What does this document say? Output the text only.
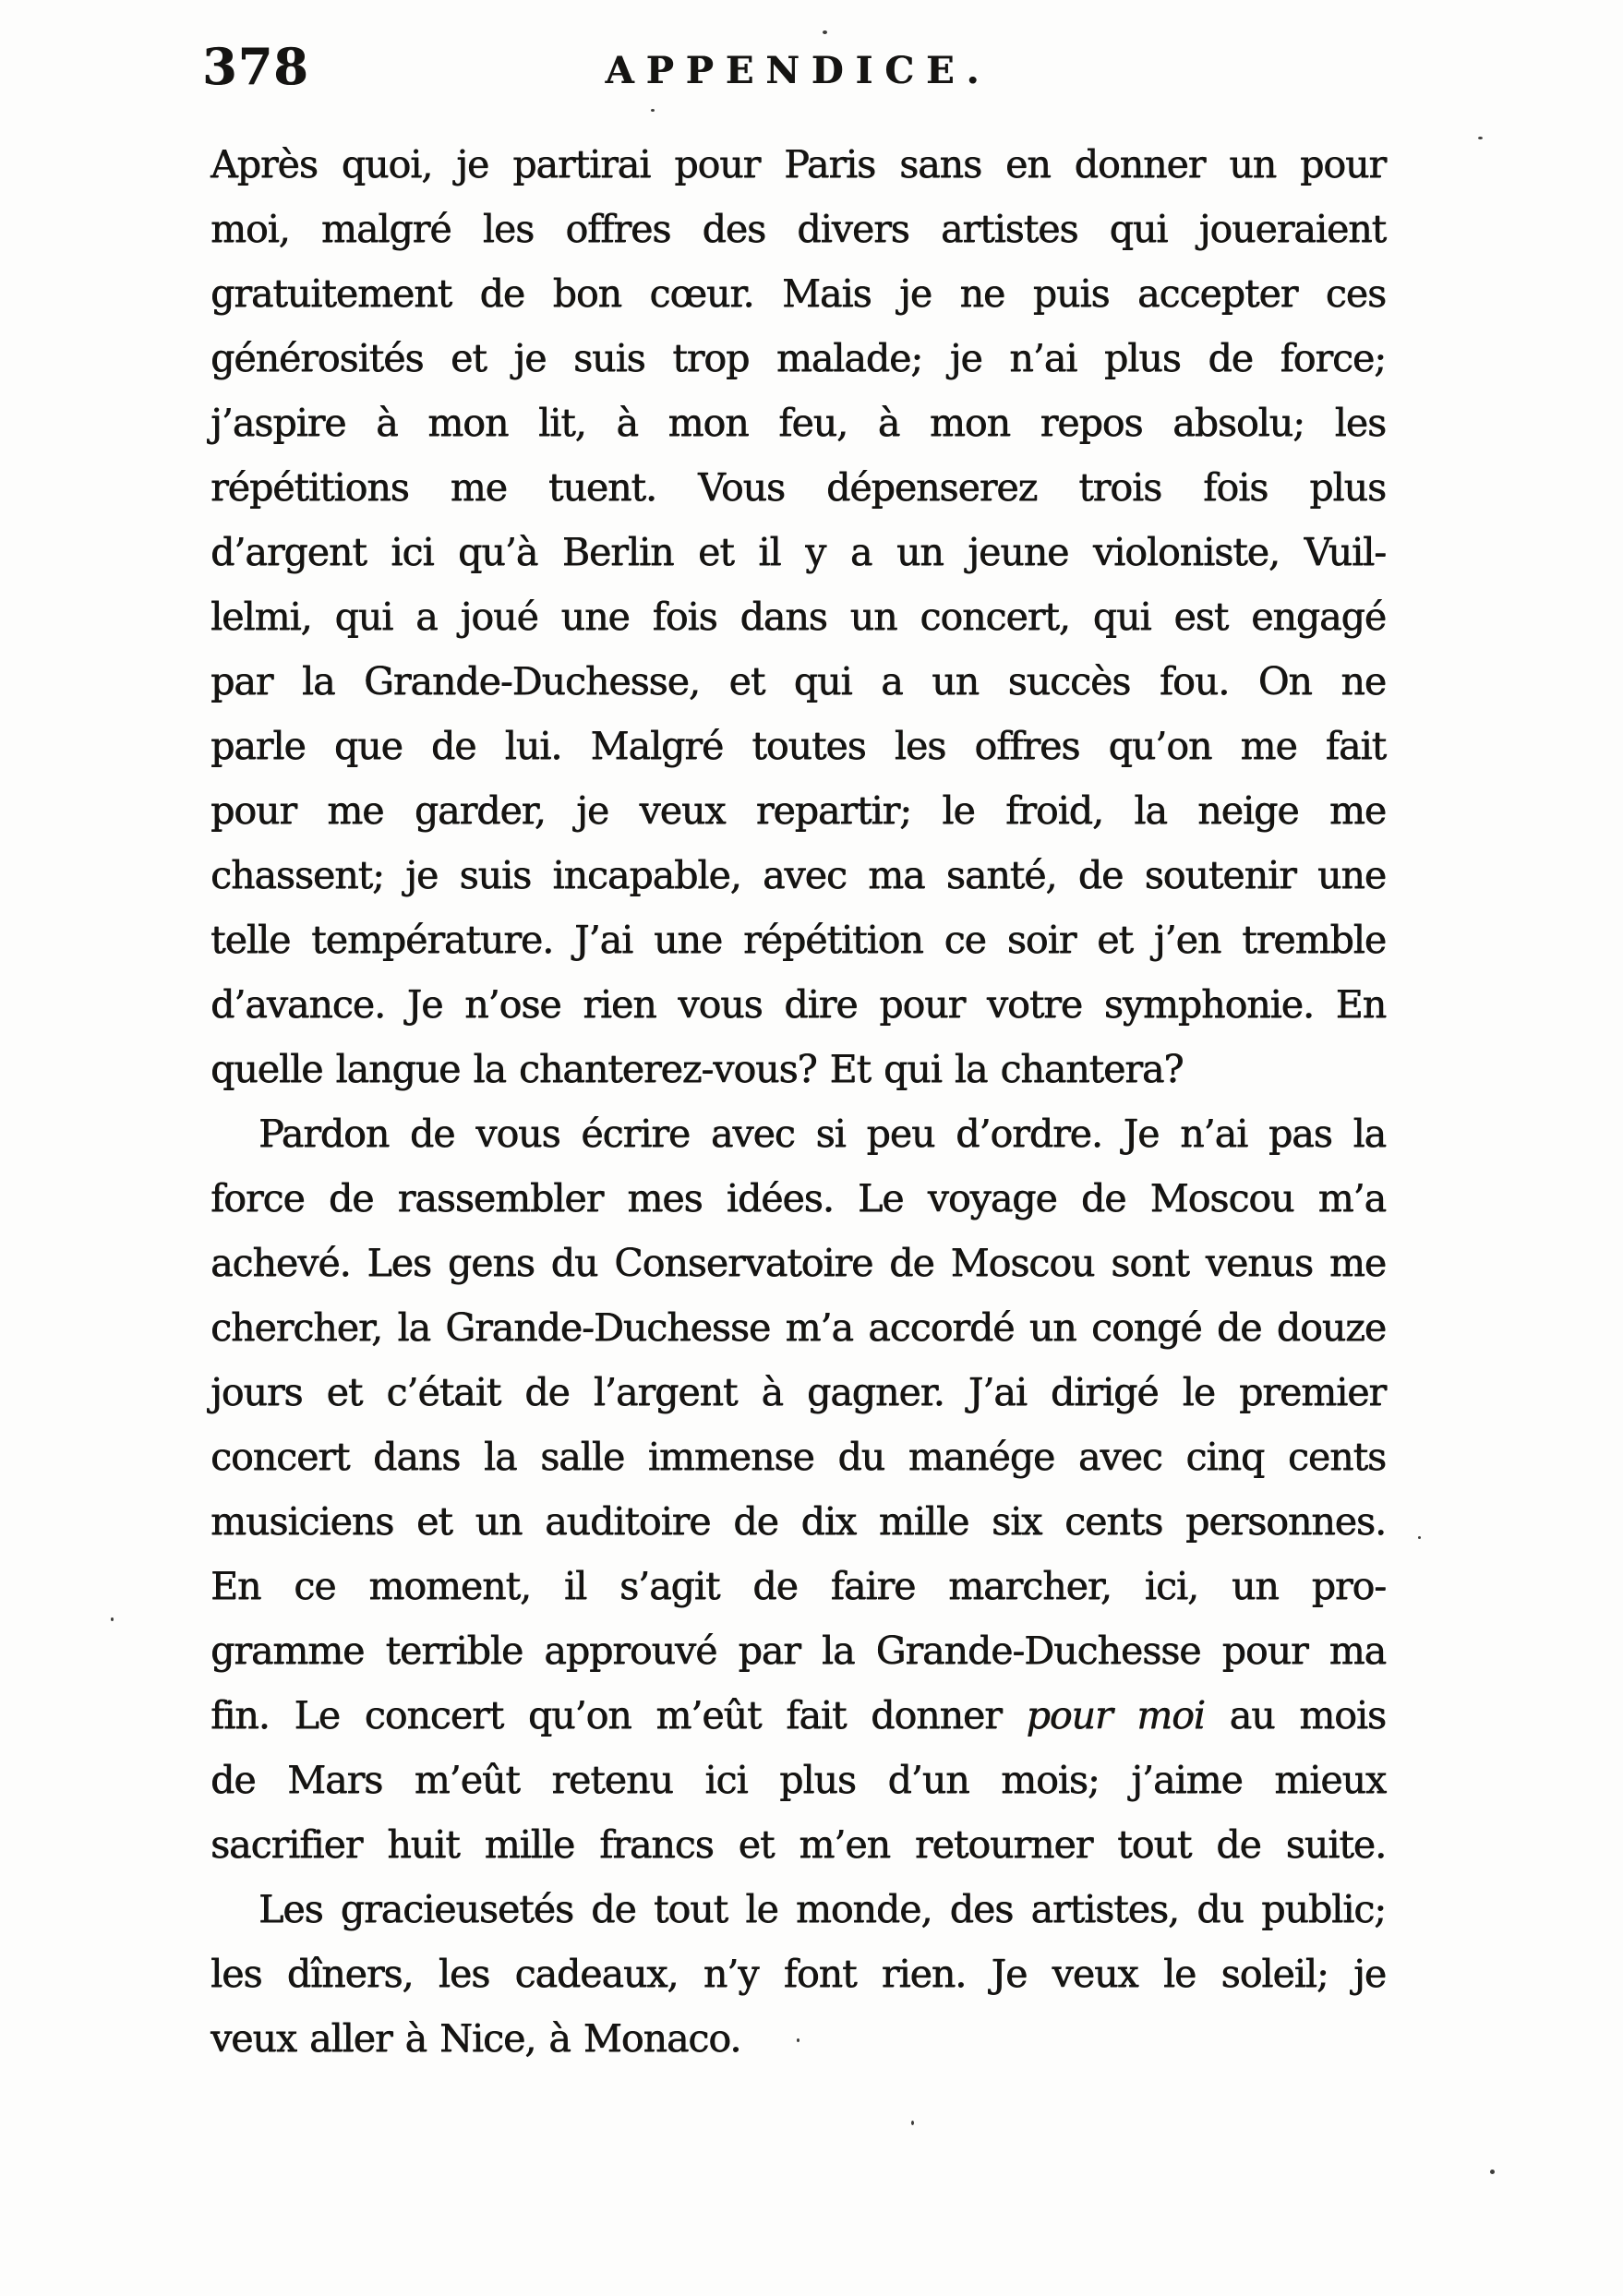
378	APPENDICE.
Après quoi, je partirai pour Paris sans en donner un pour
moi, malgré les offres des divers artistes qui joueraient
gratuitement de bon cœur. Mais je ne puis accepter ces
générosités et je suis trop malade; je n’ai plus de force;
j’aspire à mon lit, à mon feu, à mon repos absolu; les
répétitions me tuent. Vous dépenserez trois fois plus
d’argent ici qu’à Berlin et il y a un jeune violoniste, Vuil-
lelmi, qui a joué une fois dans un concert, qui est engagé
par la Grande-Duchesse, et qui a un succès fou. On ne
parle que de lui. Malgré toutes les offres qu’on me fait
pour me garder, je veux repartir; le froid, la neige me
chassent; je suis incapable, avec ma santé, de soutenir une
telle température. J’ai une répétition ce soir et j’en tremble
d’avance. Je n’ose rien vous dire pour votre symphonie. En
quelle langue la chanterez-vous? Et qui la chantera?
Pardon de vous écrire avec si peu d’ordre. Je n’ai pas la
force de rassembler mes idées. Le voyage de Moscou m’a
achevé. Les gens du Conservatoire de Moscou sont venus me
chercher, la Grande-Duchesse m’a accordé un congé de douze
jours et c’était de l’argent à gagner. J’ai dirigé le premier
concert dans la salle immense du manége avec cinq cents
musiciens et un auditoire de dix mille six cents personnes.
En ce moment, il s’agit de faire marcher, ici, un pro-
gramme terrible approuvé par la Grande-Duchesse pour ma
fin. Le concert qu’on m’eût fait donner pour moi au mois
de Mars m’eût retenu ici plus d’un mois; j’aime mieux
sacrifier huit mille francs et m’en retourner tout de suite.
Les gracieusetés de tout le monde, des artistes, du public;
les dîners, les cadeaux, n’y font rien. Je veux le soleil; je
veux aller à Nice, à Monaco.
